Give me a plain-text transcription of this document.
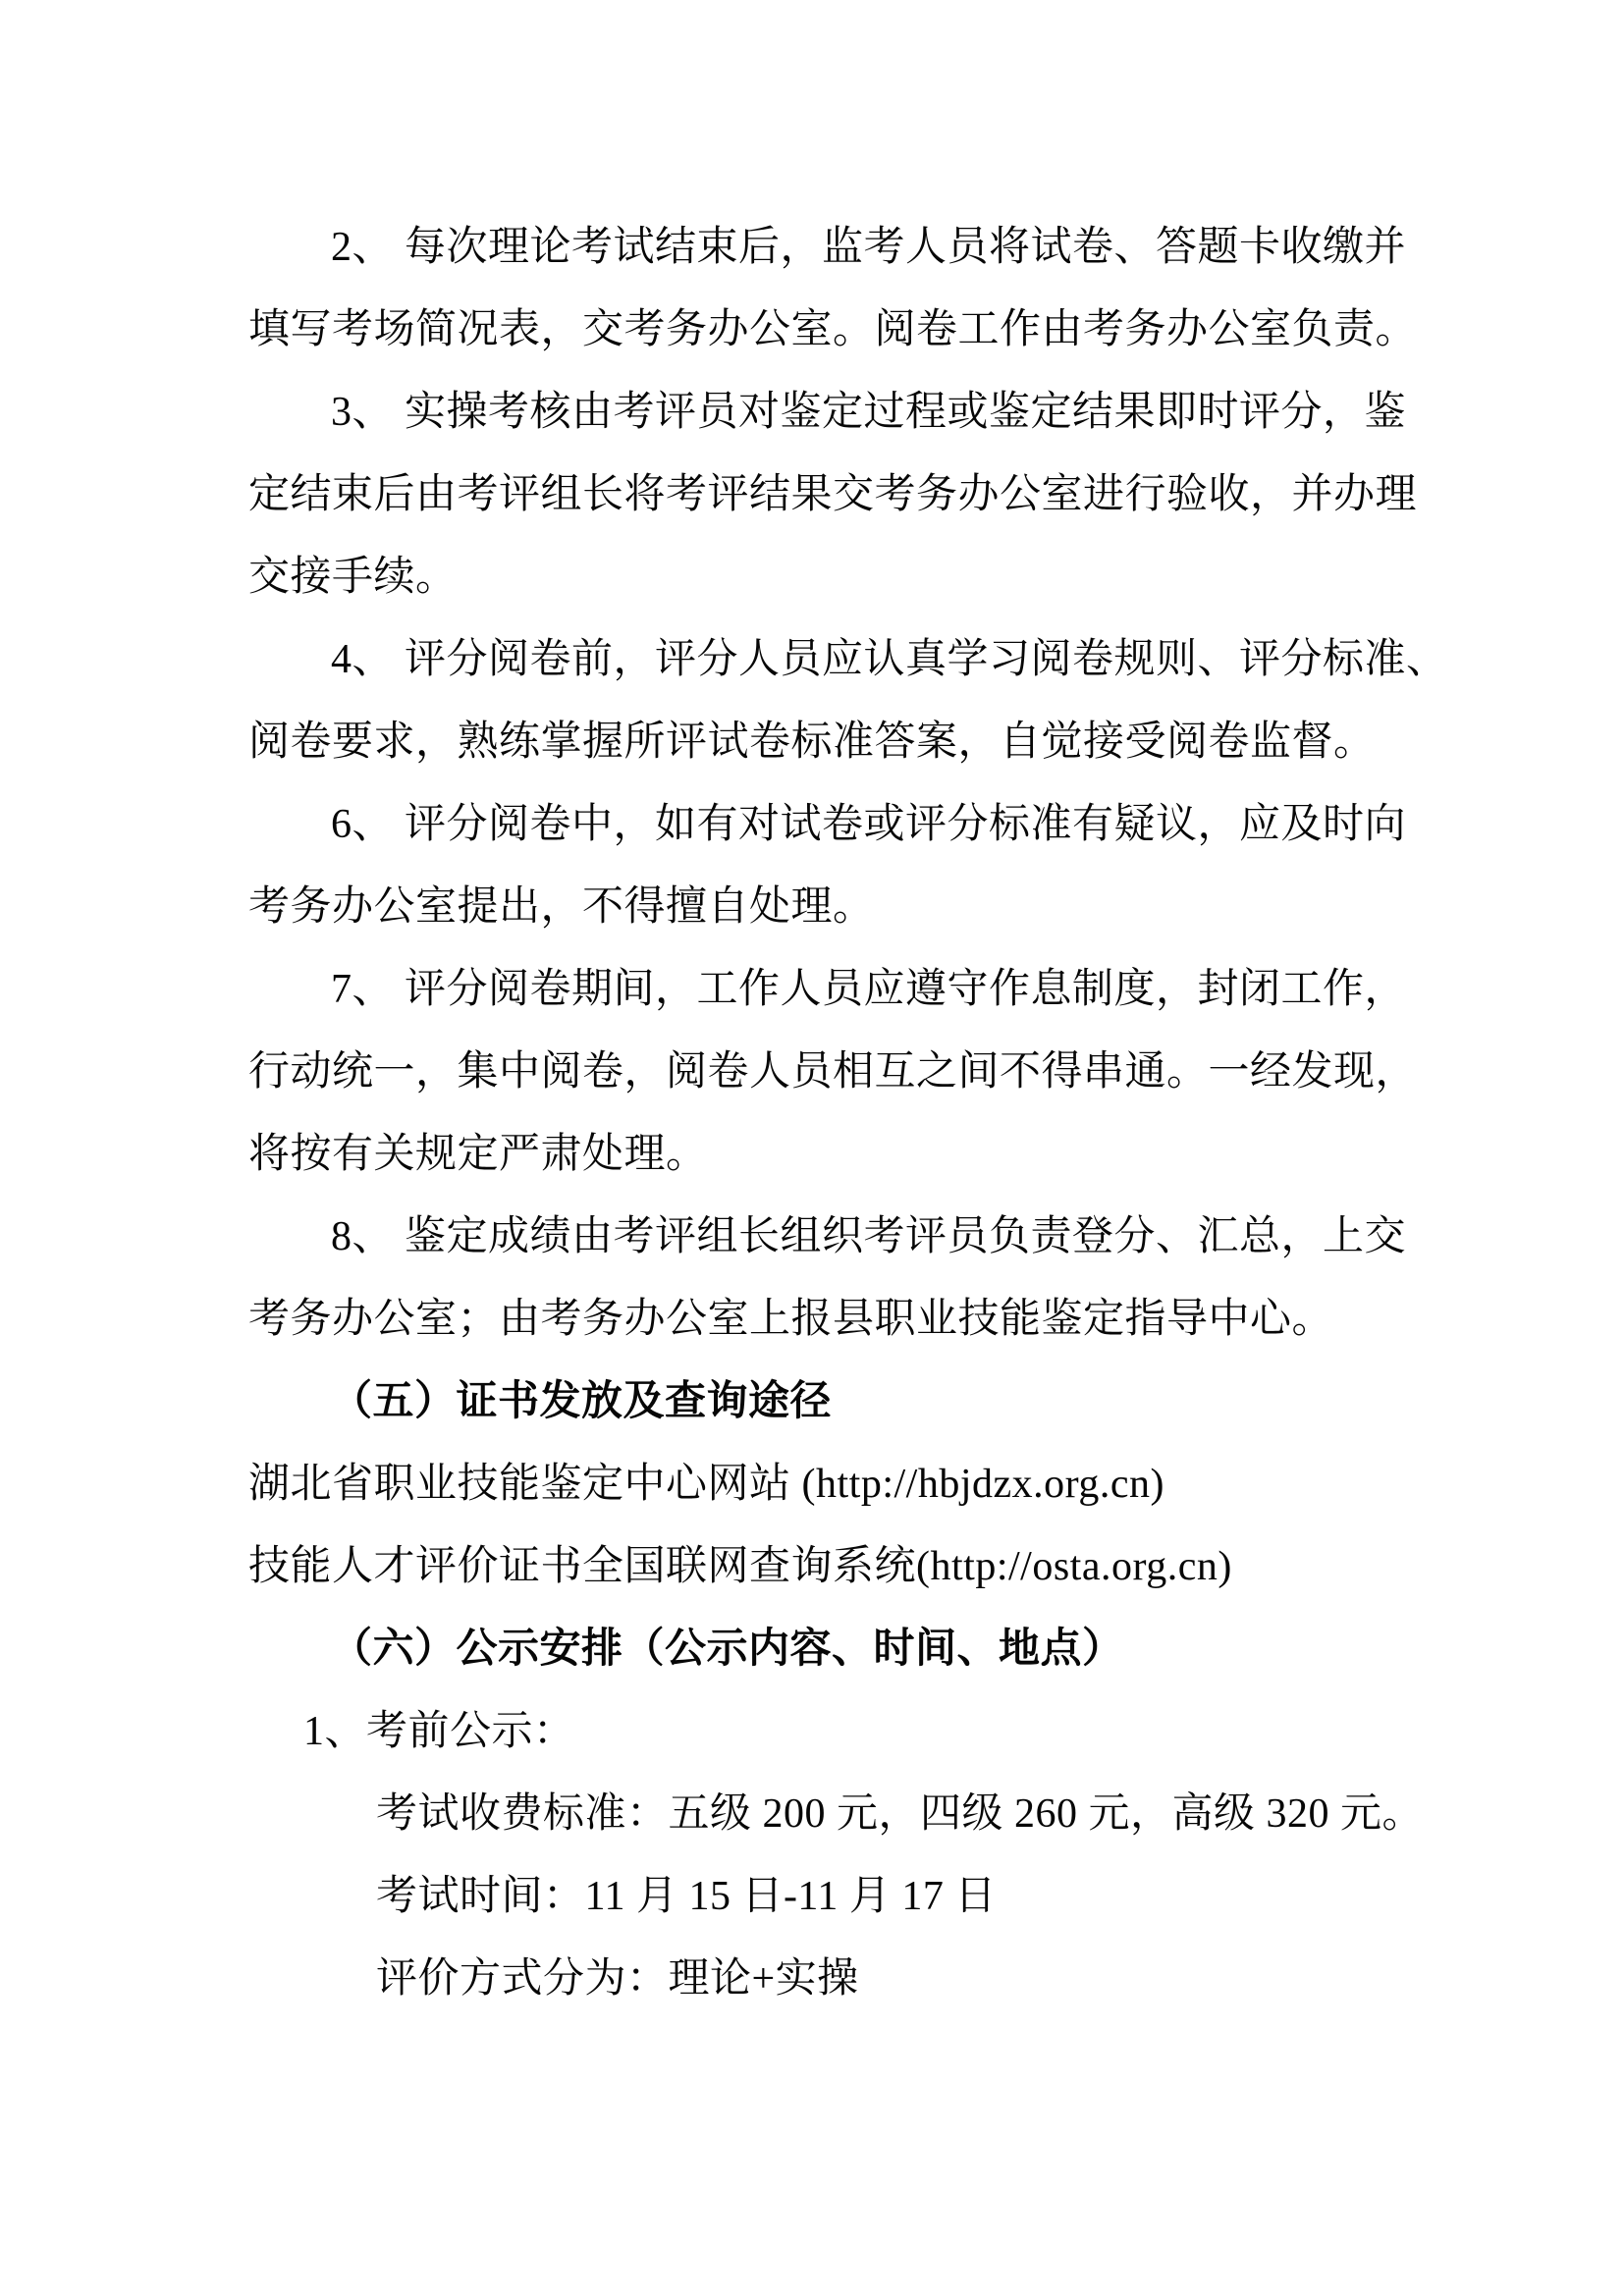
2、 每次理论考试结束后，监考人员将试卷、答题卡收缴并

填写考场简况表，交考务办公室。阅卷工作由考务办公室负责。

3、 实操考核由考评员对鉴定过程或鉴定结果即时评分，鉴

定结束后由考评组长将考评结果交考务办公室进行验收，并办理

交接手续。

4、 评分阅卷前，评分人员应认真学习阅卷规则、评分标准、

阅卷要求，熟练掌握所评试卷标准答案，自觉接受阅卷监督。

6、 评分阅卷中，如有对试卷或评分标准有疑议，应及时向

考务办公室提出，不得擅自处理。

7、 评分阅卷期间，工作人员应遵守作息制度，封闭工作，

行动统一，集中阅卷，阅卷人员相互之间不得串通。一经发现，

将按有关规定严肃处理。

8、 鉴定成绩由考评组长组织考评员负责登分、汇总，上交

考务办公室；由考务办公室上报县职业技能鉴定指导中心。

（五）证书发放及查询途径

湖北省职业技能鉴定中心网站 (http://hbjdzx.org.cn)

技能人才评价证书全国联网查询系统(http://osta.org.cn)

（六）公示安排（公示内容、时间、地点）

1、考前公示：

考试收费标准：五级 200 元，四级 260 元，高级 320 元。

考试时间：11 月 15 日-11 月 17 日

评价方式分为：理论+实操
